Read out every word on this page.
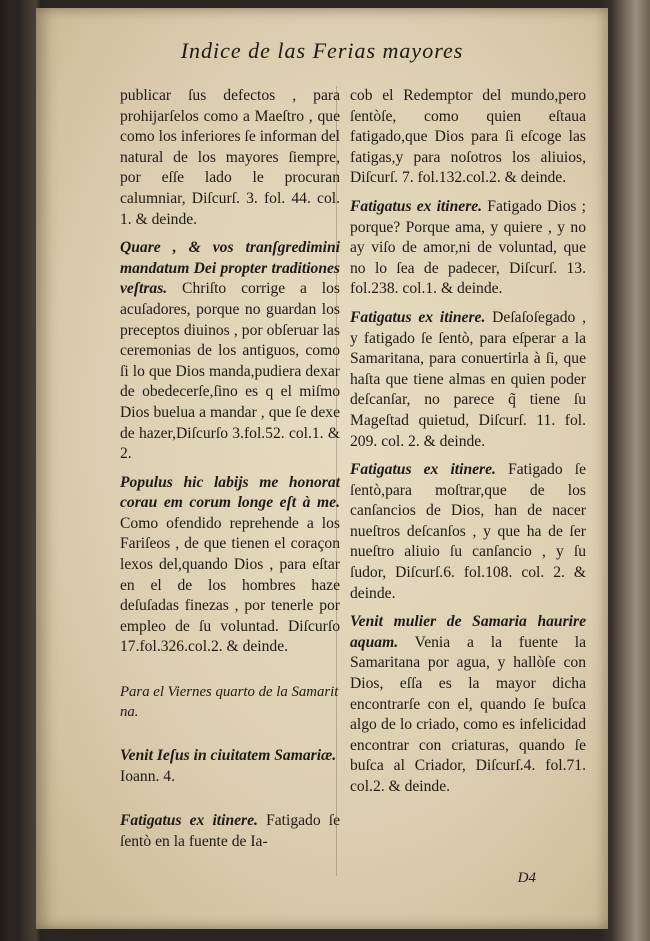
Indice de las Ferias mayores

publicar ſus defectos , para prohijarſelos como a Maeſtro , que como los inferiores ſe informan del natural de los mayores ſiempre, por eſſe lado le procuran calumniar, Diſcurſ. 3. fol. 44. col. 1. & deinde.

Quare , & vos tranſgredimini mandatum Dei propter traditiones veſtras. Chriſto corrige a los acuſadores, porque no guardan los preceptos diuinos , por obſeruar las ceremonias de los antiguos, como ſi lo que Dios manda,pudiera dexar de obedecerſe,ſino es q el miſmo Dios bueluа a mandar , que ſe dexe de hazer,Diſcurſo 3.fol.52. col.1. & 2.

Populus hic labijs me honorat corau em corum longe eſt à me. Como ofendido reprehende a los Fariſeos , de que tienen el coraçon lexos del,quando Dios , para eſtar en el de los hombres haze deſuſadas finezas , por tenerle por empleo de ſu voluntad. Diſcurſo 17.fol.326.col.2. & deinde.

Para el Viernes quarto de la Samarit na.

Venit Ieſus in ciuitatem Samariæ.
Ioann. 4.

Fatigatus ex itinere. Fatigado ſe ſentò en la fuente de Ia-

cob el Redemptor del mundo,pero ſentòſe, como quien eſtaua fatigado,que Dios para ſi eſcoge las fatigas,y para noſotros los aliuios, Diſcurſ. 7. fol.132.col.2. & deinde.

Fatigatus ex itinere. Fatigado Dios ; porque? Porque ama, y quiere , y no ay viſo de amor,ni de voluntad, que no lo ſea de padecer, Diſcurſ. 13. fol.238. col.1. & deinde.

Fatigatus ex itinere. Deſaſoſegado , y fatigado ſe ſentò, para eſperar a la Samaritana, para conuertirla à ſi, que haſta que tiene almas en quien poder deſcanſar, no parece q̃ tiene ſu Mageſtad quietud, Diſcurſ. 11. fol. 209. col. 2. & deinde.

Fatigatus ex itinere. Fatigado ſe ſentò,para moſtrar,que de los canſancios de Dios, han de nacer nueſtros deſcanſos , y que ha de ſer nueſtro aliuio ſu canſancio , y ſu ſudor, Diſcurſ.6. fol.108. col. 2. & deinde.

Venit mulier de Samaria haurire aquam. Venia a la fuente la Samaritana por agua, y hallòſe con Dios, eſſa es la mayor dicha encontrarſe con el, quando ſe buſca algo de lo criado, como es infelicidad encontrar con criaturas, quando ſe buſca al Criador, Diſcurſ.4. fol.71. col.2. & deinde.

D4
